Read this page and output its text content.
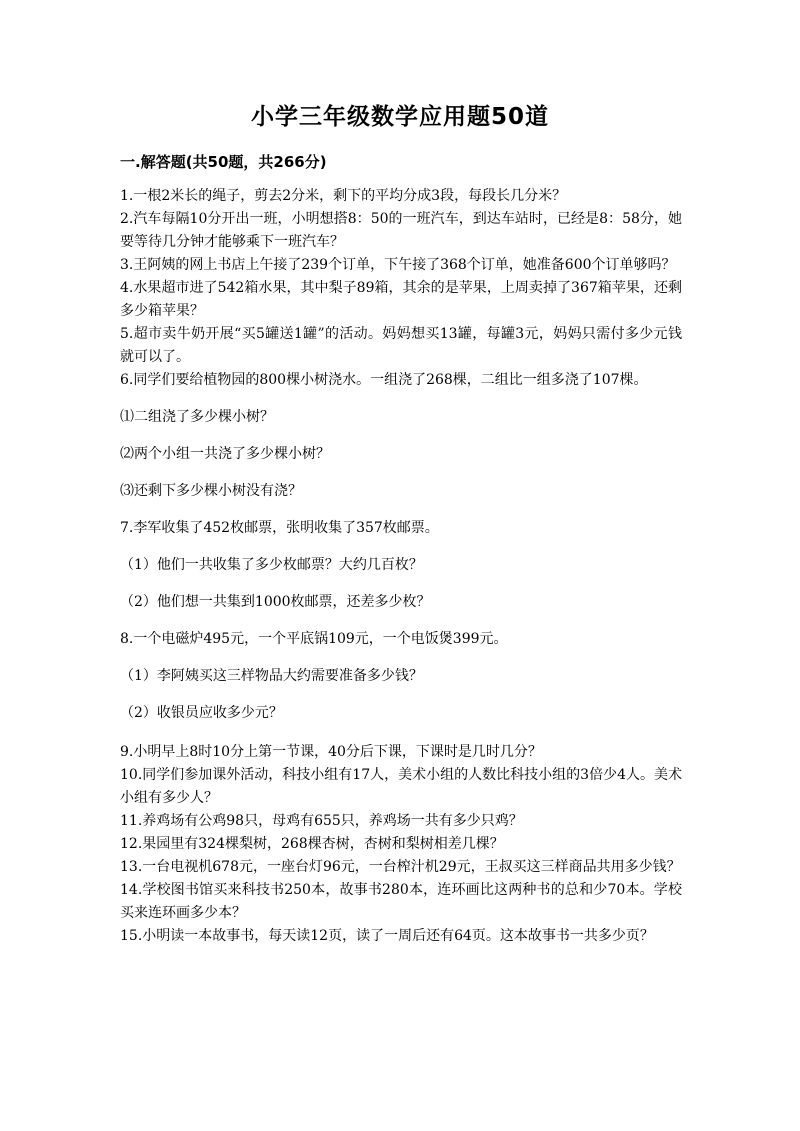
小学三年级数学应用题50道
一.解答题(共50题，共266分)

1.一根2米长的绳子，剪去2分米，剩下的平均分成3段，每段长几分米？

2.汽车每隔10分开出一班，小明想搭8：50的一班汽车，到达车站时，已经是8：58分，她要等待几分钟才能够乘下一班汽车？

3.王阿姨的网上书店上午接了239个订单，下午接了368个订单，她准备600个订单够吗？

4.水果超市进了542箱水果，其中梨子89箱，其余的是苹果，上周卖掉了367箱苹果，还剩多少箱苹果？

5.超市卖牛奶开展“买5罐送1罐”的活动。妈妈想买13罐，每罐3元，妈妈只需付多少元钱就可以了。

6.同学们要给植物园的800棵小树浇水。一组浇了268棵，二组比一组多浇了107棵。

⑴二组浇了多少棵小树？

⑵两个小组一共浇了多少棵小树？

⑶还剩下多少棵小树没有浇？

7.李军收集了452枚邮票，张明收集了357枚邮票。

（1）他们一共收集了多少枚邮票？大约几百枚？

（2）他们想一共集到1000枚邮票，还差多少枚？

8.一个电磁炉495元，一个平底锅109元，一个电饭煲399元。

（1）李阿姨买这三样物品大约需要准备多少钱？

（2）收银员应收多少元？

9.小明早上8时10分上第一节课，40分后下课，下课时是几时几分？

10.同学们参加课外活动，科技小组有17人，美术小组的人数比科技小组的3倍少4人。美术小组有多少人？

11.养鸡场有公鸡98只，母鸡有655只，养鸡场一共有多少只鸡？

12.果园里有324棵梨树，268棵杏树，杏树和梨树相差几棵？

13.一台电视机678元，一座台灯96元，一台榨汁机29元，王叔买这三样商品共用多少钱？

14.学校图书馆买来科技书250本，故事书280本，连环画比这两种书的总和少70本。学校买来连环画多少本？

15.小明读一本故事书，每天读12页，读了一周后还有64页。这本故事书一共多少页？
